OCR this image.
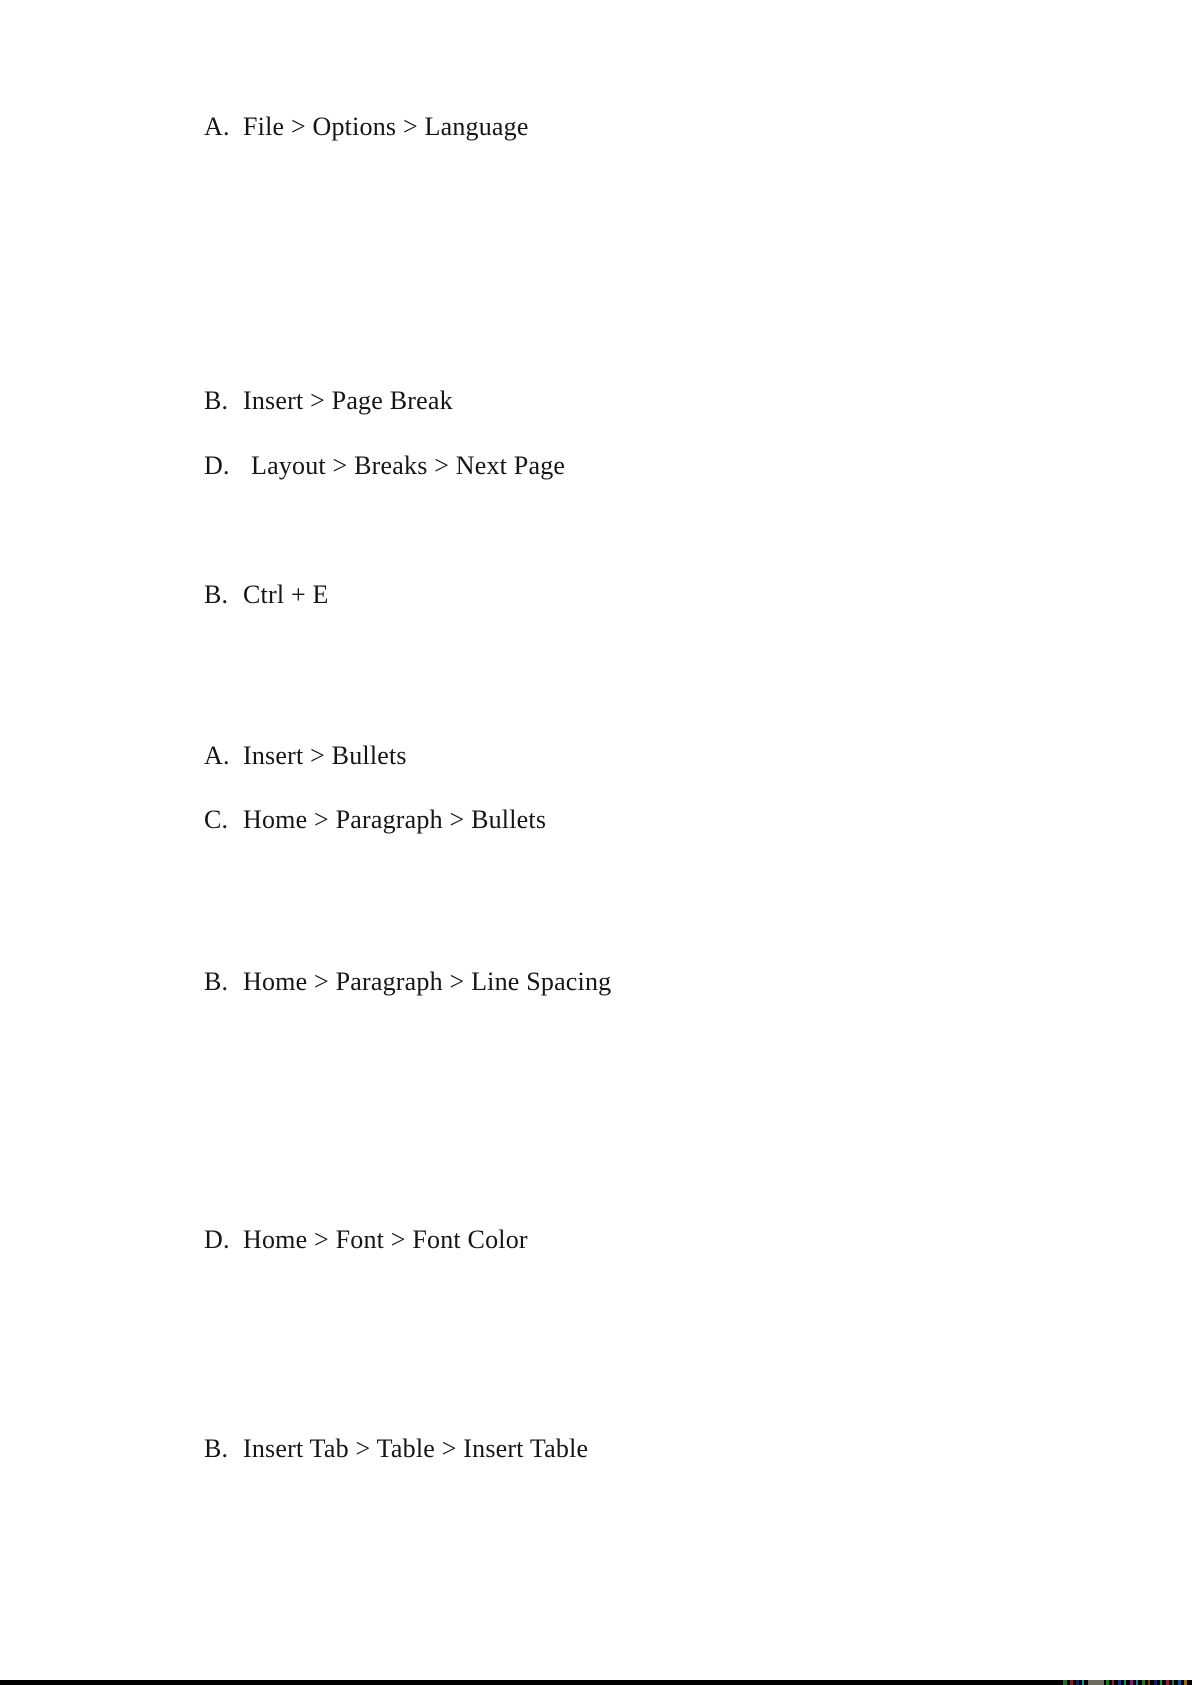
A. File > Options > Language
B. Insert > Page Break
D. Layout > Breaks > Next Page
B. Ctrl + E
A. Insert > Bullets
C. Home > Paragraph > Bullets
B. Home > Paragraph > Line Spacing
D. Home > Font > Font Color
B. Insert Tab > Table > Insert Table
